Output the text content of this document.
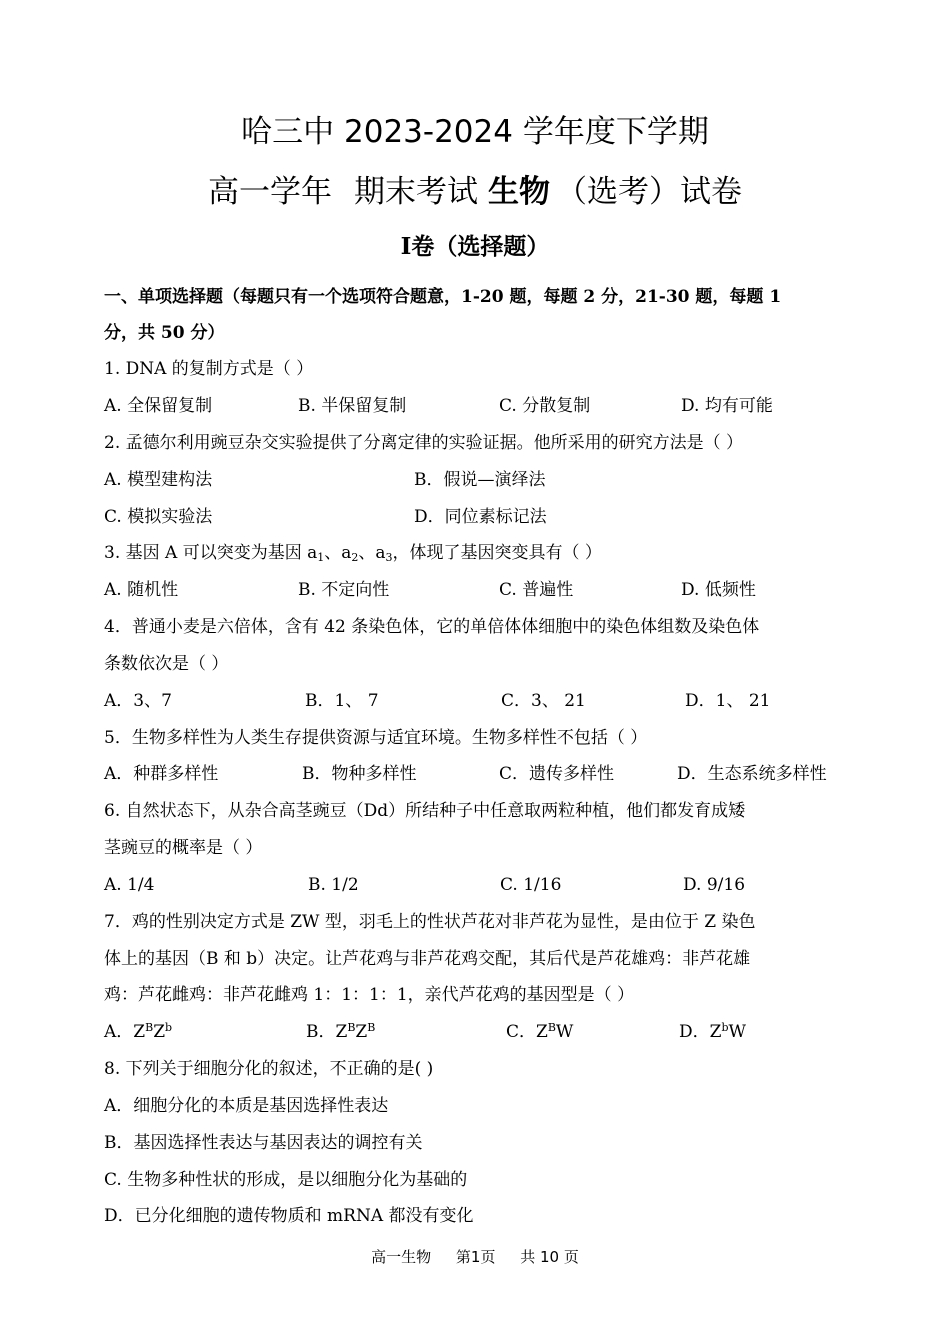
哈三中 2023-2024 学年度下学期
高一学年 期末考试 生物 （选考）试卷
Ⅰ卷（选择题）
一、单项选择题（每题只有一个选项符合题意，1-20 题，每题 2 分，21-30 题，每题 1
分，共 50 分）
1. DNA 的复制方式是（ ）
A. 全保留复制	B. 半保留复制	C. 分散复制	D. 均有可能
2. 孟德尔利用豌豆杂交实验提供了分离定律的实验证据。他所采用的研究方法是（ ）
A. 模型建构法	B．假说—演绎法
C. 模拟实验法	D．同位素标记法
3. 基因 A 可以突变为基因 $a_1$、$a_2$、$a_3$，体现了基因突变具有（ ）
A. 随机性	B. 不定向性	C. 普遍性	D. 低频性
4．普通小麦是六倍体，含有 42 条染色体，它的单倍体体细胞中的染色体组数及染色体
条数依次是（ ）
A．3、7	B．1、 7	C．3、 21	D．1、 21
5．生物多样性为人类生存提供资源与适宜环境。生物多样性不包括（ ）
A．种群多样性	B．物种多样性	C．遗传多样性	D．生态系统多样性
6. 自然状态下，从杂合高茎豌豆（Dd）所结种子中任意取两粒种植，他们都发育成矮
茎豌豆的概率是（ ）
A. 1/4	B. 1/2	C. 1/16	D. 9/16
7．鸡的性别决定方式是 ZW 型，羽毛上的性状芦花对非芦花为显性，是由位于 Z 染色
体上的基因（B 和 b）决定。让芦花鸡与非芦花鸡交配，其后代是芦花雄鸡：非芦花雄
鸡：芦花雌鸡：非芦花雌鸡 1：1：1：1，亲代芦花鸡的基因型是（ ）
A．$Z^BZ^b$	B．$Z^BZ^B$	C．$Z^BW$	D．$Z^bW$
8. 下列关于细胞分化的叙述，不正确的是( )
A．细胞分化的本质是基因选择性表达
B．基因选择性表达与基因表达的调控有关
C. 生物多种性状的形成，是以细胞分化为基础的
D．已分化细胞的遗传物质和 mRNA 都没有变化
高一生物 第1页 共 10 页
